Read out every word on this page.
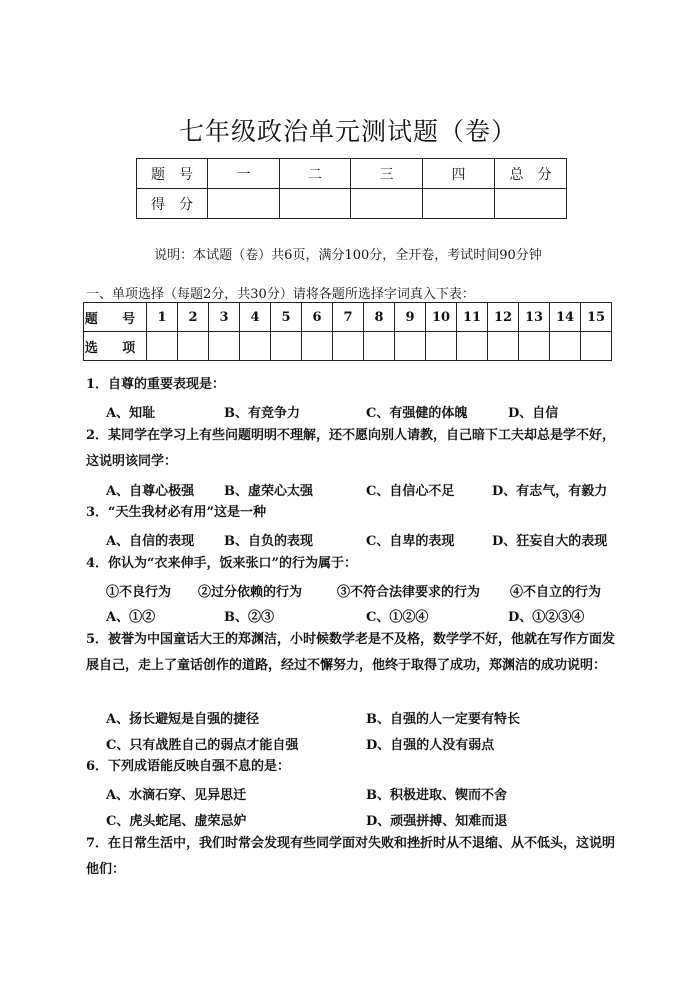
七年级政治单元测试题（卷）
题　号	一	二	三	四	总　分
得　分					
说明：本试题（卷）共6页，满分100分，全开卷，考试时间90分钟
一、单项选择（每题2分，共30分）请将各题所选择字词真入下表：
题 号	1	2	3	4	5	6	7	8	9	10	11	12	13	14	15
选 项															
1．自尊的重要表现是：
A、知耻	B、有竞争力	C、有强健的体魄	D、自信
2．某同学在学习上有些问题明明不理解，还不愿向别人请教，自己暗下工夫却总是学不好，这说明该同学：
A、自尊心极强 B、虚荣心太强	C、自信心不足	D、有志气，有毅力
3．“天生我材必有用”这是一种
A、自信的表现 B、自负的表现	C、自卑的表现	D、狂妄自大的表现
4．你认为“衣来伸手，饭来张口”的行为属于：
①不良行为 ②过分依赖的行为	③不符合法律要求的行为 ④不自立的行为
A、①②	B、②③	C、①②④	D、①②③④
5．被誉为中国童话大王的郑渊洁，小时候数学老是不及格，数学学不好，他就在写作方面发展自己，走上了童话创作的道路，经过不懈努力，他终于取得了成功，郑渊洁的成功说明：
A、扬长避短是自强的捷径	B、自强的人一定要有特长
C、只有战胜自己的弱点才能自强	D、自强的人没有弱点
6．下列成语能反映自强不息的是：
A、水滴石穿、见异思迁	B、积极进取、锲而不舍
C、虎头蛇尾、虚荣忌妒	D、顽强拼搏、知难而退
7．在日常生活中，我们时常会发现有些同学面对失败和挫折时从不退缩、从不低头，这说明他们：
